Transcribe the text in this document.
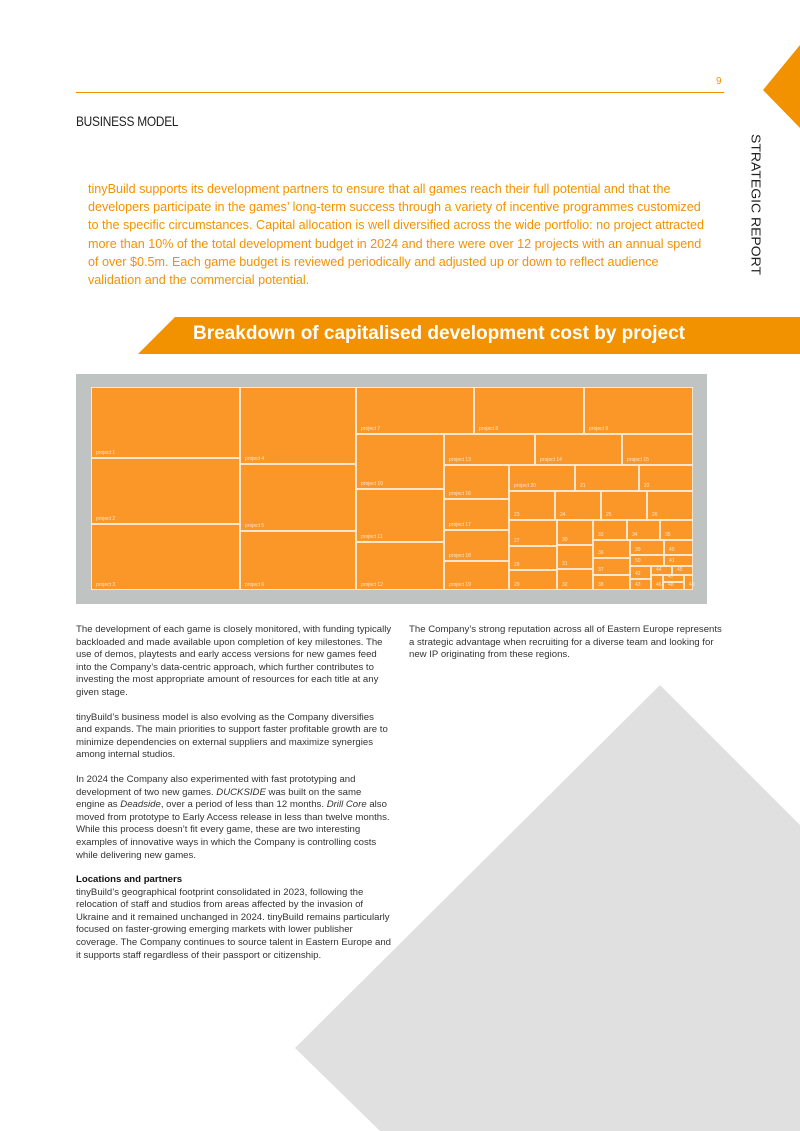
9
BUSINESS MODEL
STRATEGIC REPORT
tinyBuild supports its development partners to ensure that all games reach their full potential and that the developers participate in the games’ long-term success through a variety of incentive programmes customized to the specific circumstances. Capital allocation is well diversified across the wide portfolio: no project attracted more than 10% of the total development budget in 2024 and there were over 12 projects with an annual spend of over $0.5m. Each game budget is reviewed periodically and adjusted up or down to reflect audience validation and the commercial potential.
Breakdown of capitalised development cost by project
project 1
project 2
project 3
project 4
project 5
project 6
project 7	project 8	project 9
project 10
project 11
project 12
project 13	project 14	project 15
project 16
project 17
project 18
project 19
project 20	21	22
23	24	25	26
27
28
29
30
31
32
33	34	35
36
37
38
39	40
50	41
42
43
44	45
46
47
48	49

The development of each game is closely monitored, with funding typically backloaded and made available upon completion of key milestones. The use of demos, playtests and early access versions for new games feed into the Company’s data-centric approach, which further contributes to investing the most appropriate amount of resources for each title at any given stage.

tinyBuild’s business model is also evolving as the Company diversifies and expands. The main priorities to support faster profitable growth are to minimize dependencies on external suppliers and maximize synergies among internal studios.

In 2024 the Company also experimented with fast prototyping and development of two new games. DUCKSIDE was built on the same engine as Deadside, over a period of less than 12 months. Drill Core also moved from prototype to Early Access release in less than twelve months. While this process doesn’t fit every game, these are two interesting examples of innovative ways in which the Company is controlling costs while delivering new games.

Locations and partners
tinyBuild’s geographical footprint consolidated in 2023, following the relocation of staff and studios from areas affected by the invasion of Ukraine and it remained unchanged in 2024. tinyBuild remains particularly focused on faster-growing emerging markets with lower publisher coverage. The Company continues to source talent in Eastern Europe and it supports staff regardless of their passport or citizenship.

The Company’s strong reputation across all of Eastern Europe represents a strategic advantage when recruiting for a diverse team and looking for new IP originating from these regions.
